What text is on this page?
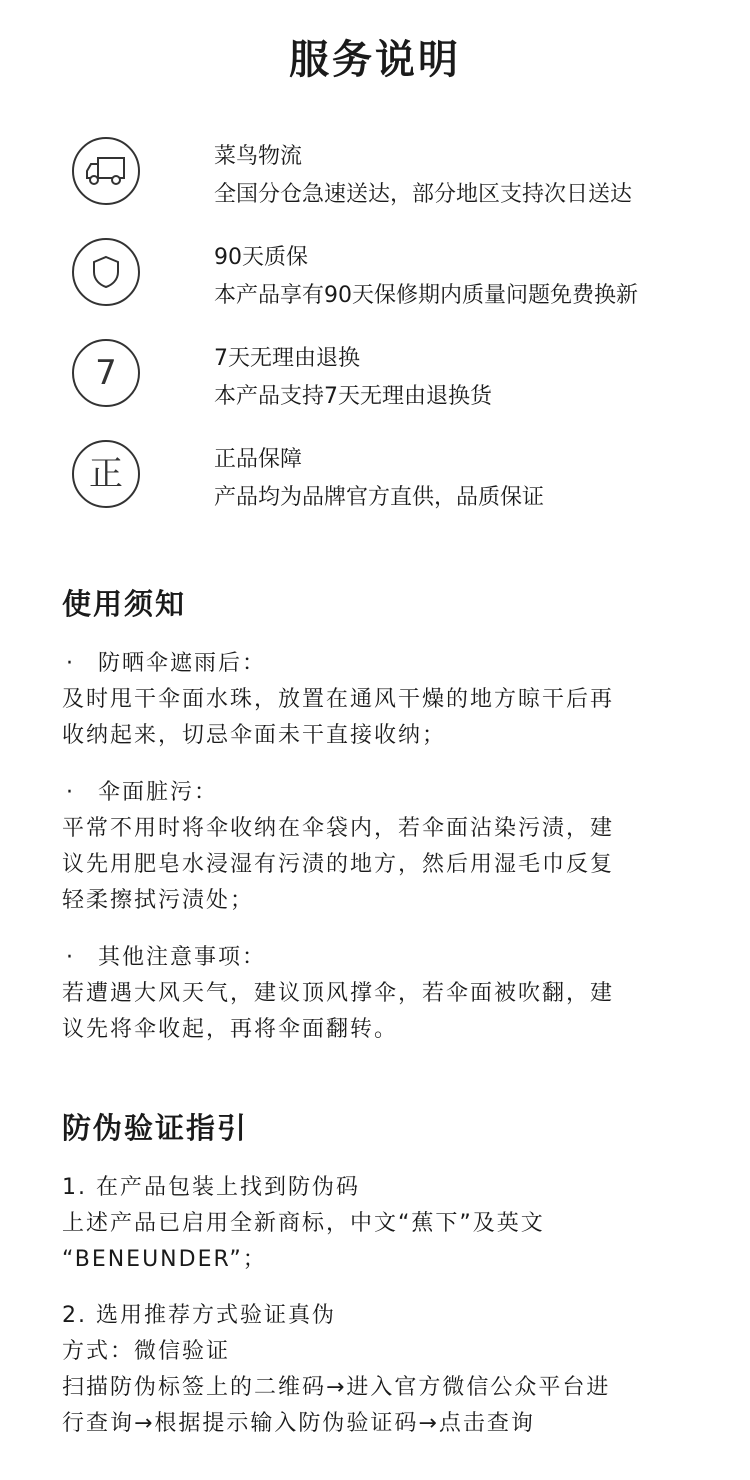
服务说明
菜鸟物流
全国分仓急速送达，部分地区支持次日送达
90天质保
本产品享有90天保修期内质量问题免费换新
7	7天无理由退换
本产品支持7天无理由退换货
正	正品保障
产品均为品牌官方直供，品质保证
使用须知
· 防晒伞遮雨后：
及时甩干伞面水珠，放置在通风干燥的地方晾干后再
收纳起来，切忌伞面未干直接收纳；
· 伞面脏污：
平常不用时将伞收纳在伞袋内，若伞面沾染污渍，建
议先用肥皂水浸湿有污渍的地方，然后用湿毛巾反复
轻柔擦拭污渍处；
· 其他注意事项：
若遭遇大风天气，建议顶风撑伞，若伞面被吹翻，建
议先将伞收起，再将伞面翻转。
防伪验证指引
1. 在产品包装上找到防伪码
上述产品已启用全新商标，中文“蕉下”及英文
“BENEUNDER”；
2. 选用推荐方式验证真伪
方式：微信验证
扫描防伪标签上的二维码→进入官方微信公众平台进
行查询→根据提示输入防伪验证码→点击查询
